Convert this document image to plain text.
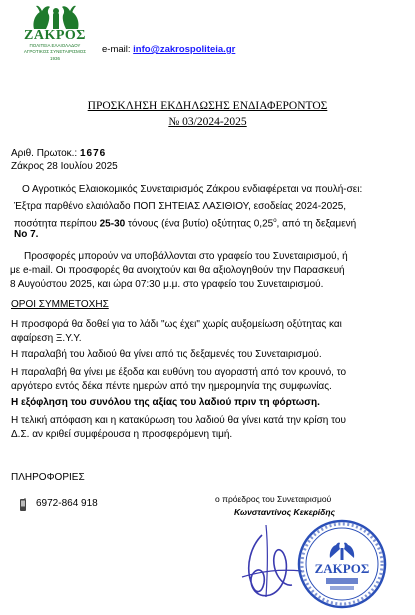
ΖΑΚΡΟΣ
ΠΟΛΙΤΕΙΑ ΕΛΑΙΟΛΑΔΟΥ
ΑΓΡΟΤΙΚΟΣ ΣΥΝΕΤΑΙΡΙΣΜΟΣ
1936
e-mail: info@zakrospoliteia.gr
ΠΡΟΣΚΛΗΣΗ ΕΚΔΗΛΩΣΗΣ ΕΝΔΙΑΦΕΡΟΝΤΟΣ
№ 03/2024-2025
Αριθ. Πρωτοκ.: 1676
Ζάκρος 28 Ιουλίου 2025
Ο Αγροτικός Ελαιοκομικός Συνεταιρισμός Ζάκρου ενδιαφέρεται να πουλή-σει:
Έξτρα παρθένο ελαιόλαδο ΠΟΠ ΣΗΤΕΙΑΣ ΛΑΣΙΘΙΟΥ, εσοδείας 2024-2025,
ποσότητα περίπου 25-30 τόνους (ένα βυτίο) οξύτητας 0,25$^o$, από τη δεξαμενή
Νο 7.
Προσφορές μπορούν να υποβάλλονται στο γραφείο του Συνεταιρισμού, ή
με e-mail. Οι προσφορές θα ανοιχτούν και θα αξιολογηθούν την Παρασκευή
8 Αυγούστου 2025, και ώρα 07:30 μ.μ. στο γραφείο του Συνεταιρισμού.
ΟΡΟΙ ΣΥΜΜΕΤΟΧΗΣ
Η προσφορά θα δοθεί για το λάδι "ως έχει" χωρίς αυξομείωση οξύτητας και
αφαίρεση Ξ.Υ.Υ.
Η παραλαβή του λαδιού θα γίνει από τις δεξαμενές του Συνεταιρισμού.
Η παραλαβή θα γίνει με έξοδα και ευθύνη του αγοραστή από τον κρουνό, το
αργότερο εντός δέκα πέντε ημερών από την ημερομηνία της συμφωνίας.
Η εξόφληση του συνόλου της αξίας του λαδιού πριν τη φόρτωση.
Η τελική απόφαση και η κατακύρωση του λαδιού θα γίνει κατά την κρίση του
Δ.Σ. αν κριθεί συμφέρουσα η προσφερόμενη τιμή.
ΠΛΗΡΟΦΟΡΙΕΣ
6972-864 918	ο πρόεδρος του Συνεταιρισμού
Κωνσταντίνος Κεκερίδης
ΖΑΚΡΟΣ
